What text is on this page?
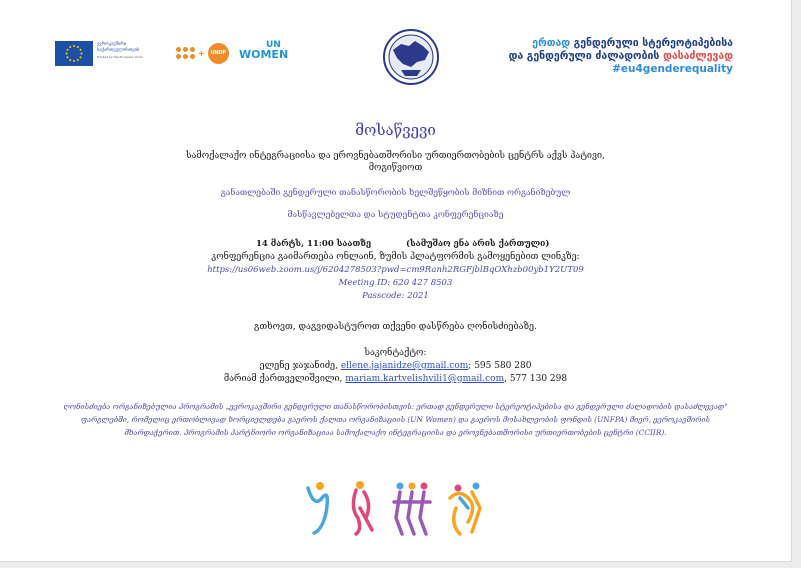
ევროკავშირი
საქართველოსთვის
Funded by the European Union	+	UNDP
UN
WOMEN
ერთად გენდერული სტერეოტიპებისა
და გენდერული ძალადობის დასაძლევად
#eu4genderequality
მოსაწვევი
სამოქალაქო ინტეგრაციისა და ეროვნებათშორისი ურთიერთობების ცენტრს აქვს პატივი,
მოგიწვიოთ
განათლებაში გენდერული თანასწორობის ხელშეწყობის მიზნით ორგანიზებულ
მასწავლებელთა და სტუდენტთა კონფერენციაზე
14 მარტს, 11:00 საათზე	(სამუშაო ენა არის ქართული)
კონფერენცია გაიმართება ონლაინ, ზუმის პლატფორმის გამოყენებით ლინკზე:
https://us06web.zoom.us/j/6204278503?pwd=cm9Ranh2RGFjblBqOXhzb00yb1Y2UT09
Meeting ID: 620 427 8503
Passcode: 2021
გთხოვთ, დაგვიდასტუროთ თქვენი დასწრება ღონისძიებაზე.
საკონტაქტო:
ელენე ჯაჯანიძე, ellene.jajanidze@gmail.com; 595 580 280
მარიამ ქართველიშვილი, mariam.kartvelishvili1@gmail.com, 577 130 298
ღონისძიება ორგანიზებულია პროგრამის „ევროკავშირი გენდერული თანასწორობისთვის: ერთად გენდერული სტერეოტიპებისა და გენდერული ძალადობის დასაძლევად" ფარგლებში, რომელიც ერთობლივად ხორციელდება გაეროს ქალთა ორგანიზაციის (UN Women) და გაეროს მოსახლეობის ფონდის (UNFPA) მიერ, ევროკავშირის მხარდაჭერით. პროგრამის პარტნიორი ორგანიზაციაა სამოქალაქო ინტეგრაციისა და ეროვნებათშორისი ურთიერთობების ცენტრი (CCIIR).
